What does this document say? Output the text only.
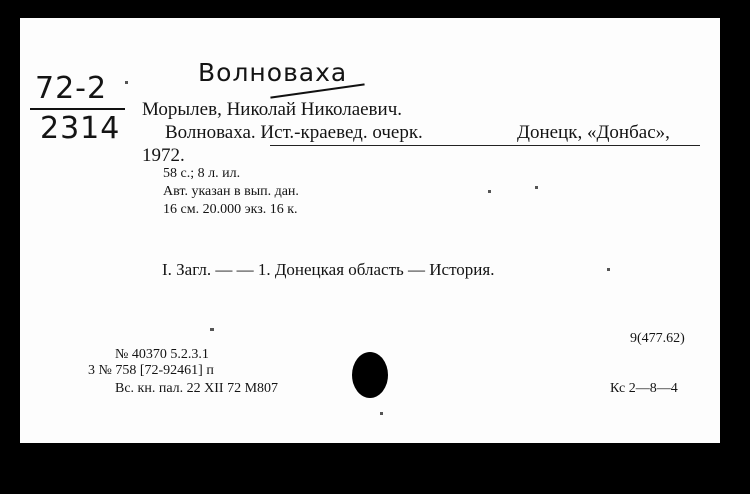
72-2
2314
Волноваха
Морылев, Николай Николаевич.
Волноваха. Ист.-краевед. очерк.	Донецк, «Донбас»,
1972.
58 с.; 8 л. ил.
Авт. указан в вып. дан.
16 см. 20.000 экз. 16 к.
I. Загл. — — 1. Донецкая область — История.
9(477.62)
№ 40370 5.2.3.1
3 № 758 [72-92461] п
Вс. кн. пал. 22 XII 72 M807	Кс 2—8—4
